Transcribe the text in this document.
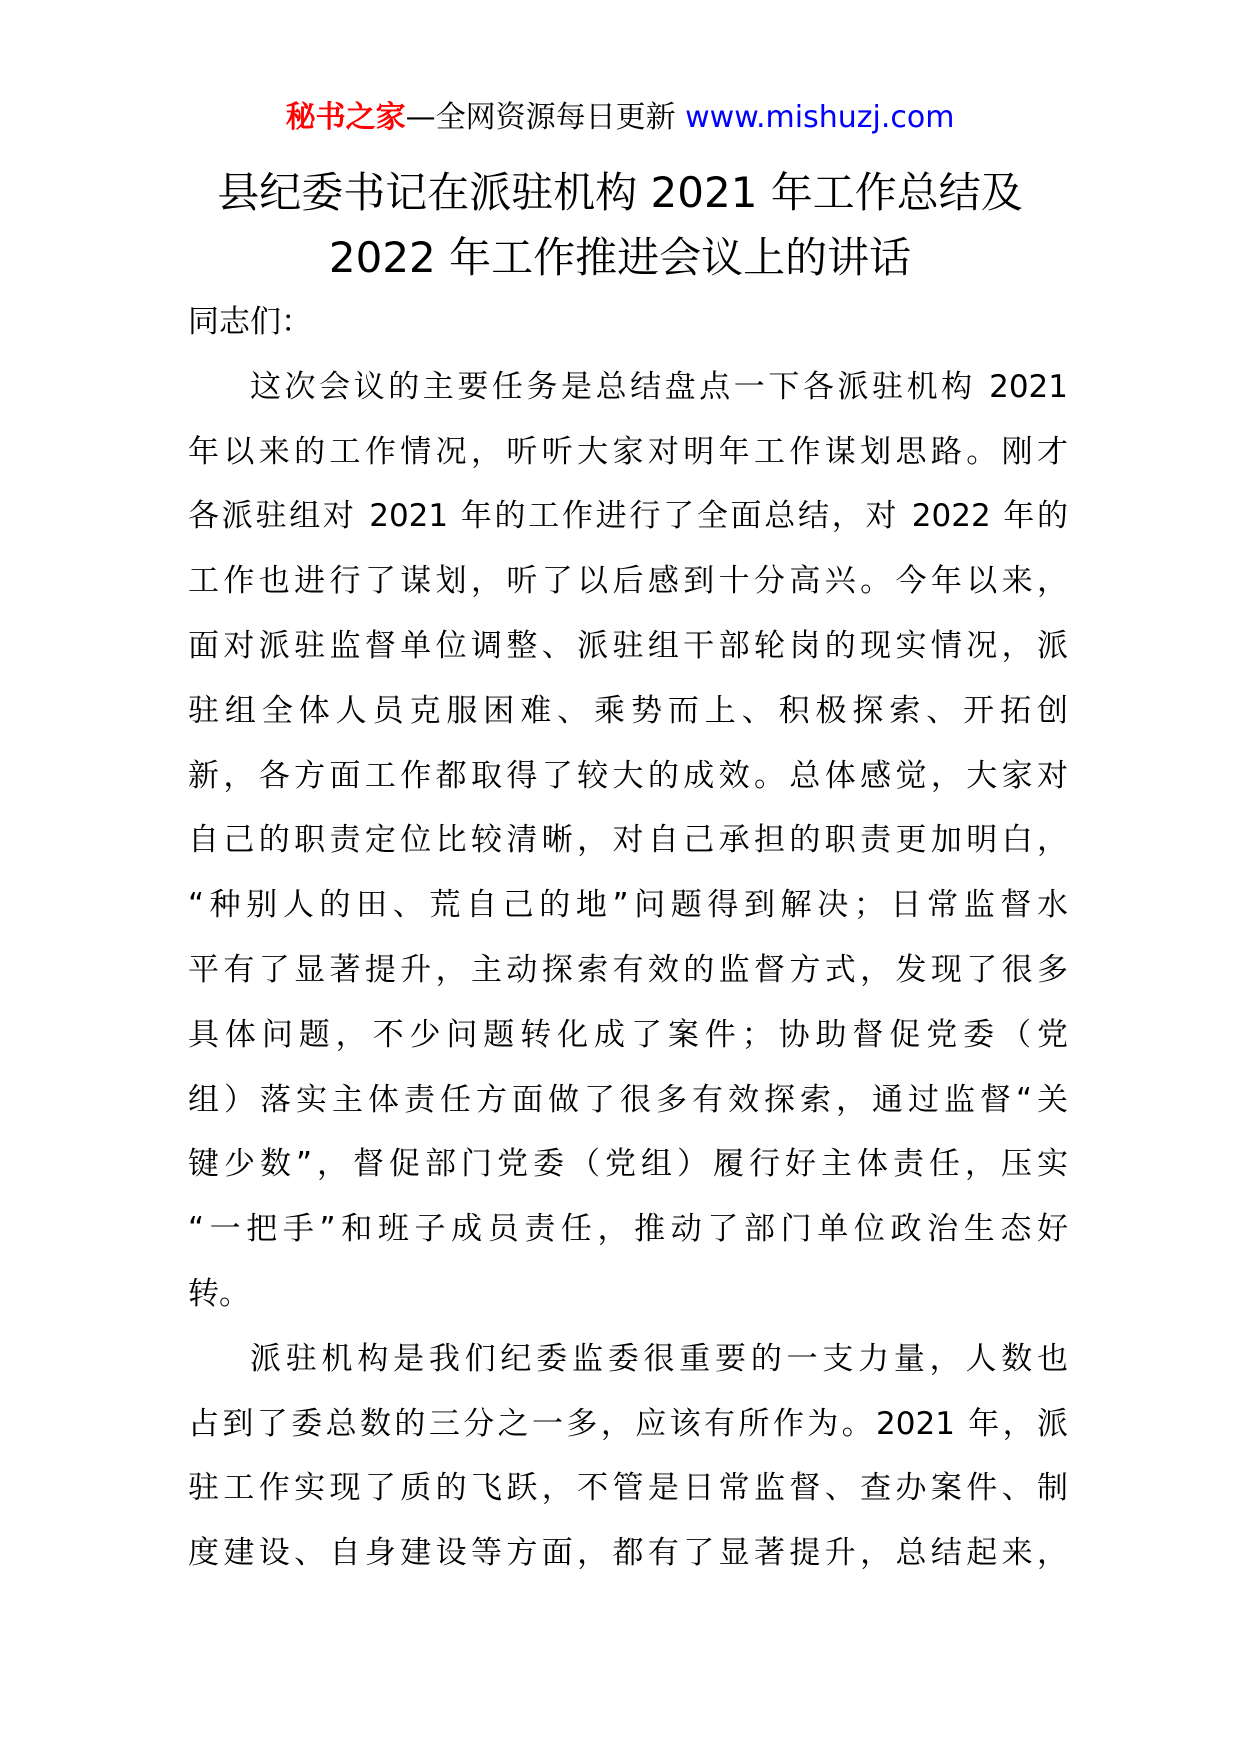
秘书之家—全网资源每日更新 www.mishuzj.com
县纪委书记在派驻机构 2021 年工作总结及
2022 年工作推进会议上的讲话
同志们：
这次会议的主要任务是总结盘点一下各派驻机构 2021
年以来的工作情况，听听大家对明年工作谋划思路。刚才
各派驻组对 2021 年的工作进行了全面总结，对 2022 年的
工作也进行了谋划，听了以后感到十分高兴。今年以来，
面对派驻监督单位调整、派驻组干部轮岗的现实情况，派
驻组全体人员克服困难、乘势而上、积极探索、开拓创
新，各方面工作都取得了较大的成效。总体感觉，大家对
自己的职责定位比较清晰，对自己承担的职责更加明白，
“种别人的田、荒自己的地”问题得到解决；日常监督水
平有了显著提升，主动探索有效的监督方式，发现了很多
具体问题，不少问题转化成了案件；协助督促党委（党
组）落实主体责任方面做了很多有效探索，通过监督“关
键少数”，督促部门党委（党组）履行好主体责任，压实
“一把手”和班子成员责任，推动了部门单位政治生态好
转。
派驻机构是我们纪委监委很重要的一支力量，人数也
占到了委总数的三分之一多，应该有所作为。2021 年，派
驻工作实现了质的飞跃，不管是日常监督、查办案件、制
度建设、自身建设等方面，都有了显著提升，总结起来，
